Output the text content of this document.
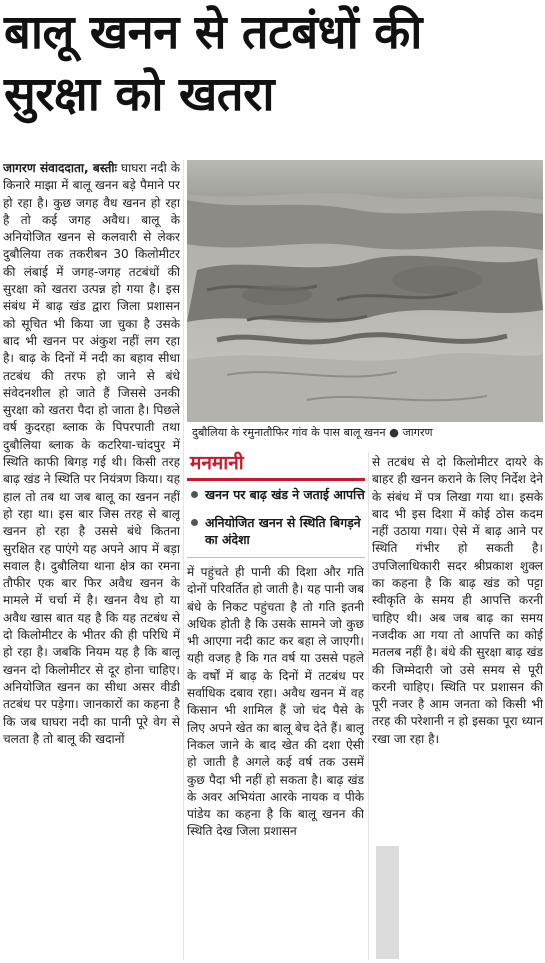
बालू खनन से तटबंधों की
सुरक्षा को खतरा

जागरण संवाददाता, बस्तीः घाघरा नदी के किनारे माझा में बालू खनन बड़े पैमाने पर हो रहा है। कुछ जगह वैध खनन हो रहा है तो कई जगह अवैध। बालू के अनियोजित खनन से कलवारी से लेकर दुबौलिया तक तकरीबन 30 किलोमीटर की लंबाई में जगह-जगह तटबंधों की सुरक्षा को खतरा उत्पन्न हो गया है। इस संबंध में बाढ़ खंड द्वारा जिला प्रशासन को सूचित भी किया जा चुका है उसके बाद भी खनन पर अंकुश नहीं लग रहा है। बाढ़ के दिनों में नदी का बहाव सीधा तटबंध की तरफ हो जाने से बंधे संवेदनशील हो जाते हैं जिससे उनकी सुरक्षा को खतरा पैदा हो जाता है। पिछले वर्ष कुदरहा ब्लाक के पिपरपाती तथा दुबौलिया ब्लाक के कटरिया-चांदपुर में स्थिति काफी बिगड़ गई थी। किसी तरह बाढ़ खंड ने स्थिति पर नियंत्रण किया। यह हाल तो तब था जब बालू का खनन नहीं हो रहा था। इस बार जिस तरह से बालू खनन हो रहा है उससे बंधे कितना सुरक्षित रह पाएंगे यह अपने आप में बड़ा सवाल है। दुबौलिया थाना क्षेत्र का रमना तौफीर एक बार फिर अवैध खनन के मामले में चर्चा में है। खनन वैध हो या अवैध खास बात यह है कि यह तटबंध से दो किलोमीटर के भीतर की ही परिधि में हो रहा है। जबकि नियम यह है कि बालू खनन दो किलोमीटर से दूर होना चाहिए। अनियोजित खनन का सीधा असर वीडी तटबंध पर पड़ेगा। जानकारों का कहना है कि जब घाघरा नदी का पानी पूरे वेग से चलता है तो बालू की खदानों

दुबौलिया के रमुनातौफिर गांव के पास बालू खनन ● जागरण
मनमानी
खनन पर बाढ़ खंड ने जताई आपत्ति
अनियोजित खनन से स्थिति बिगड़ने का अंदेशा

में पहुंचते ही पानी की दिशा और गति दोनों परिवर्तित हो जाती है। यह पानी जब बंधे के निकट पहुंचता है तो गति इतनी अधिक होती है कि उसके सामने जो कुछ भी आएगा नदी काट कर बहा ले जाएगी। यही वजह है कि गत वर्ष या उससे पहले के वर्षों में बाढ़ के दिनों में तटबंध पर सर्वाधिक दबाव रहा। अवैध खनन में वह किसान भी शामिल हैं जो चंद पैसे के लिए अपने खेत का बालू बेच देते हैं। बालू निकल जाने के बाद खेत की दशा ऐसी हो जाती है अगले कई वर्ष तक उसमें कुछ पैदा भी नहीं हो सकता है। बाढ़ खंड के अवर अभियंता आरके नायक व पीके पांडेय का कहना है कि बालू खनन की स्थिति देख जिला प्रशासन

से तटबंध से दो किलोमीटर दायरे के बाहर ही खनन कराने के लिए निर्देश देने के संबंध में पत्र लिखा गया था। इसके बाद भी इस दिशा में कोई ठोस कदम नहीं उठाया गया। ऐसे में बाढ़ आने पर स्थिति गंभीर हो सकती है। उपजिलाधिकारी सदर श्रीप्रकाश शुक्ल का कहना है कि बाढ़ खंड को पट्टा स्वीकृति के समय ही आपत्ति करनी चाहिए थी। अब जब बाढ़ का समय नजदीक आ गया तो आपत्ति का कोई मतलब नहीं है। बंधे की सुरक्षा बाढ़ खंड की जिम्मेदारी जो उसे समय से पूरी करनी चाहिए। स्थिति पर प्रशासन की पूरी नजर है आम जनता को किसी भी तरह की परेशानी न हो इसका पूरा ध्यान रखा जा रहा है।
